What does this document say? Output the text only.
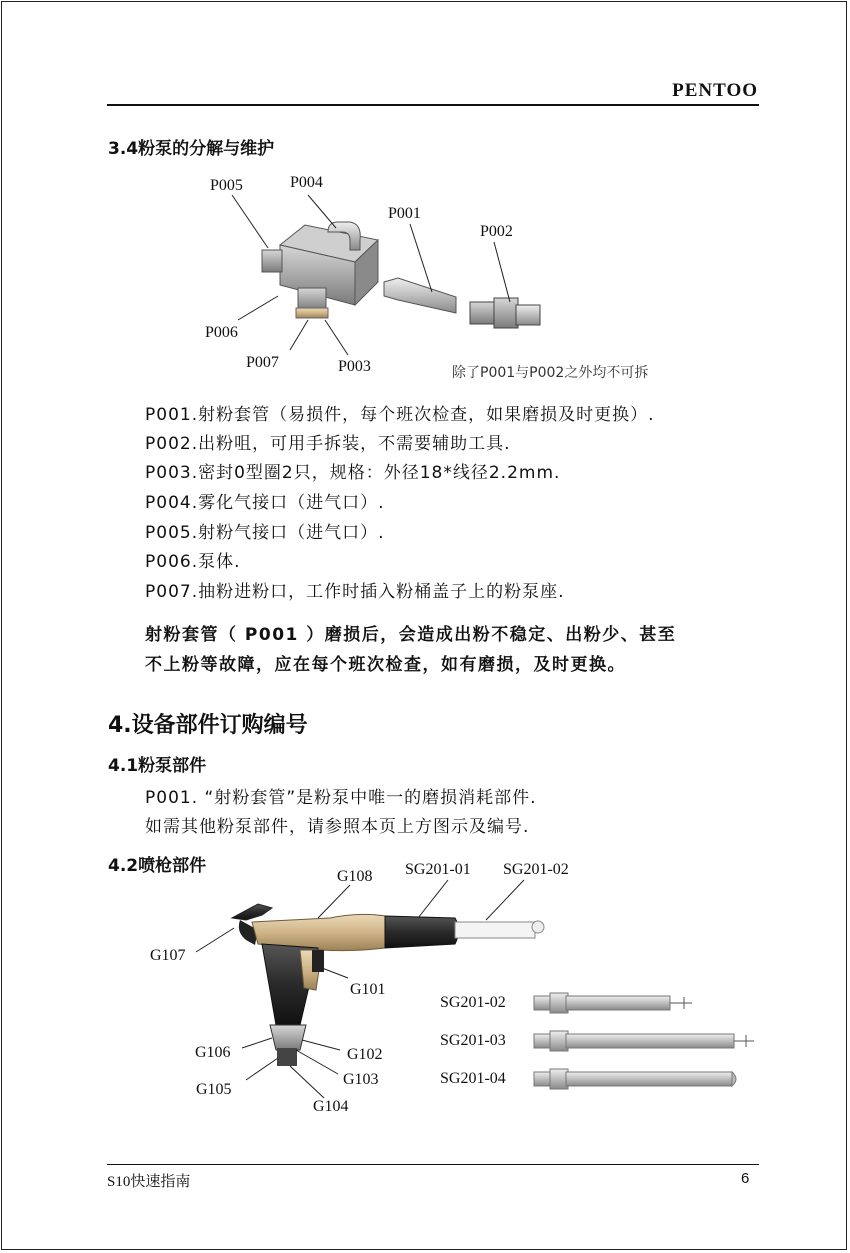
PENTOO
3.4粉泵的分解与维护
P005	P004
P001
P002
P006
P007	P003	除了P001与P002之外均不可拆
P001.射粉套管（易损件，每个班次检查，如果磨损及时更换）.
P002.出粉咀，可用手拆装，不需要辅助工具.
P003.密封0型圈2只，规格：外径18*线径2.2mm.
P004.雾化气接口（进气口）.
P005.射粉气接口（进气口）.
P006.泵体.
P007.抽粉进粉口，工作时插入粉桶盖子上的粉泵座.
射粉套管（ P001 ）磨损后，会造成出粉不稳定、出粉少、甚至
不上粉等故障，应在每个班次检查，如有磨损，及时更换。
4.设备部件订购编号
4.1粉泵部件
P001. “射粉套管”是粉泵中唯一的磨损消耗部件.
如需其他粉泵部件，请参照本页上方图示及编号.
4.2喷枪部件
G108 SG201-01 SG201-02
G107
G101
G106	G102
G103
G105
G104
SG201-02
SG201-03
SG201-04
S10快速指南	6
